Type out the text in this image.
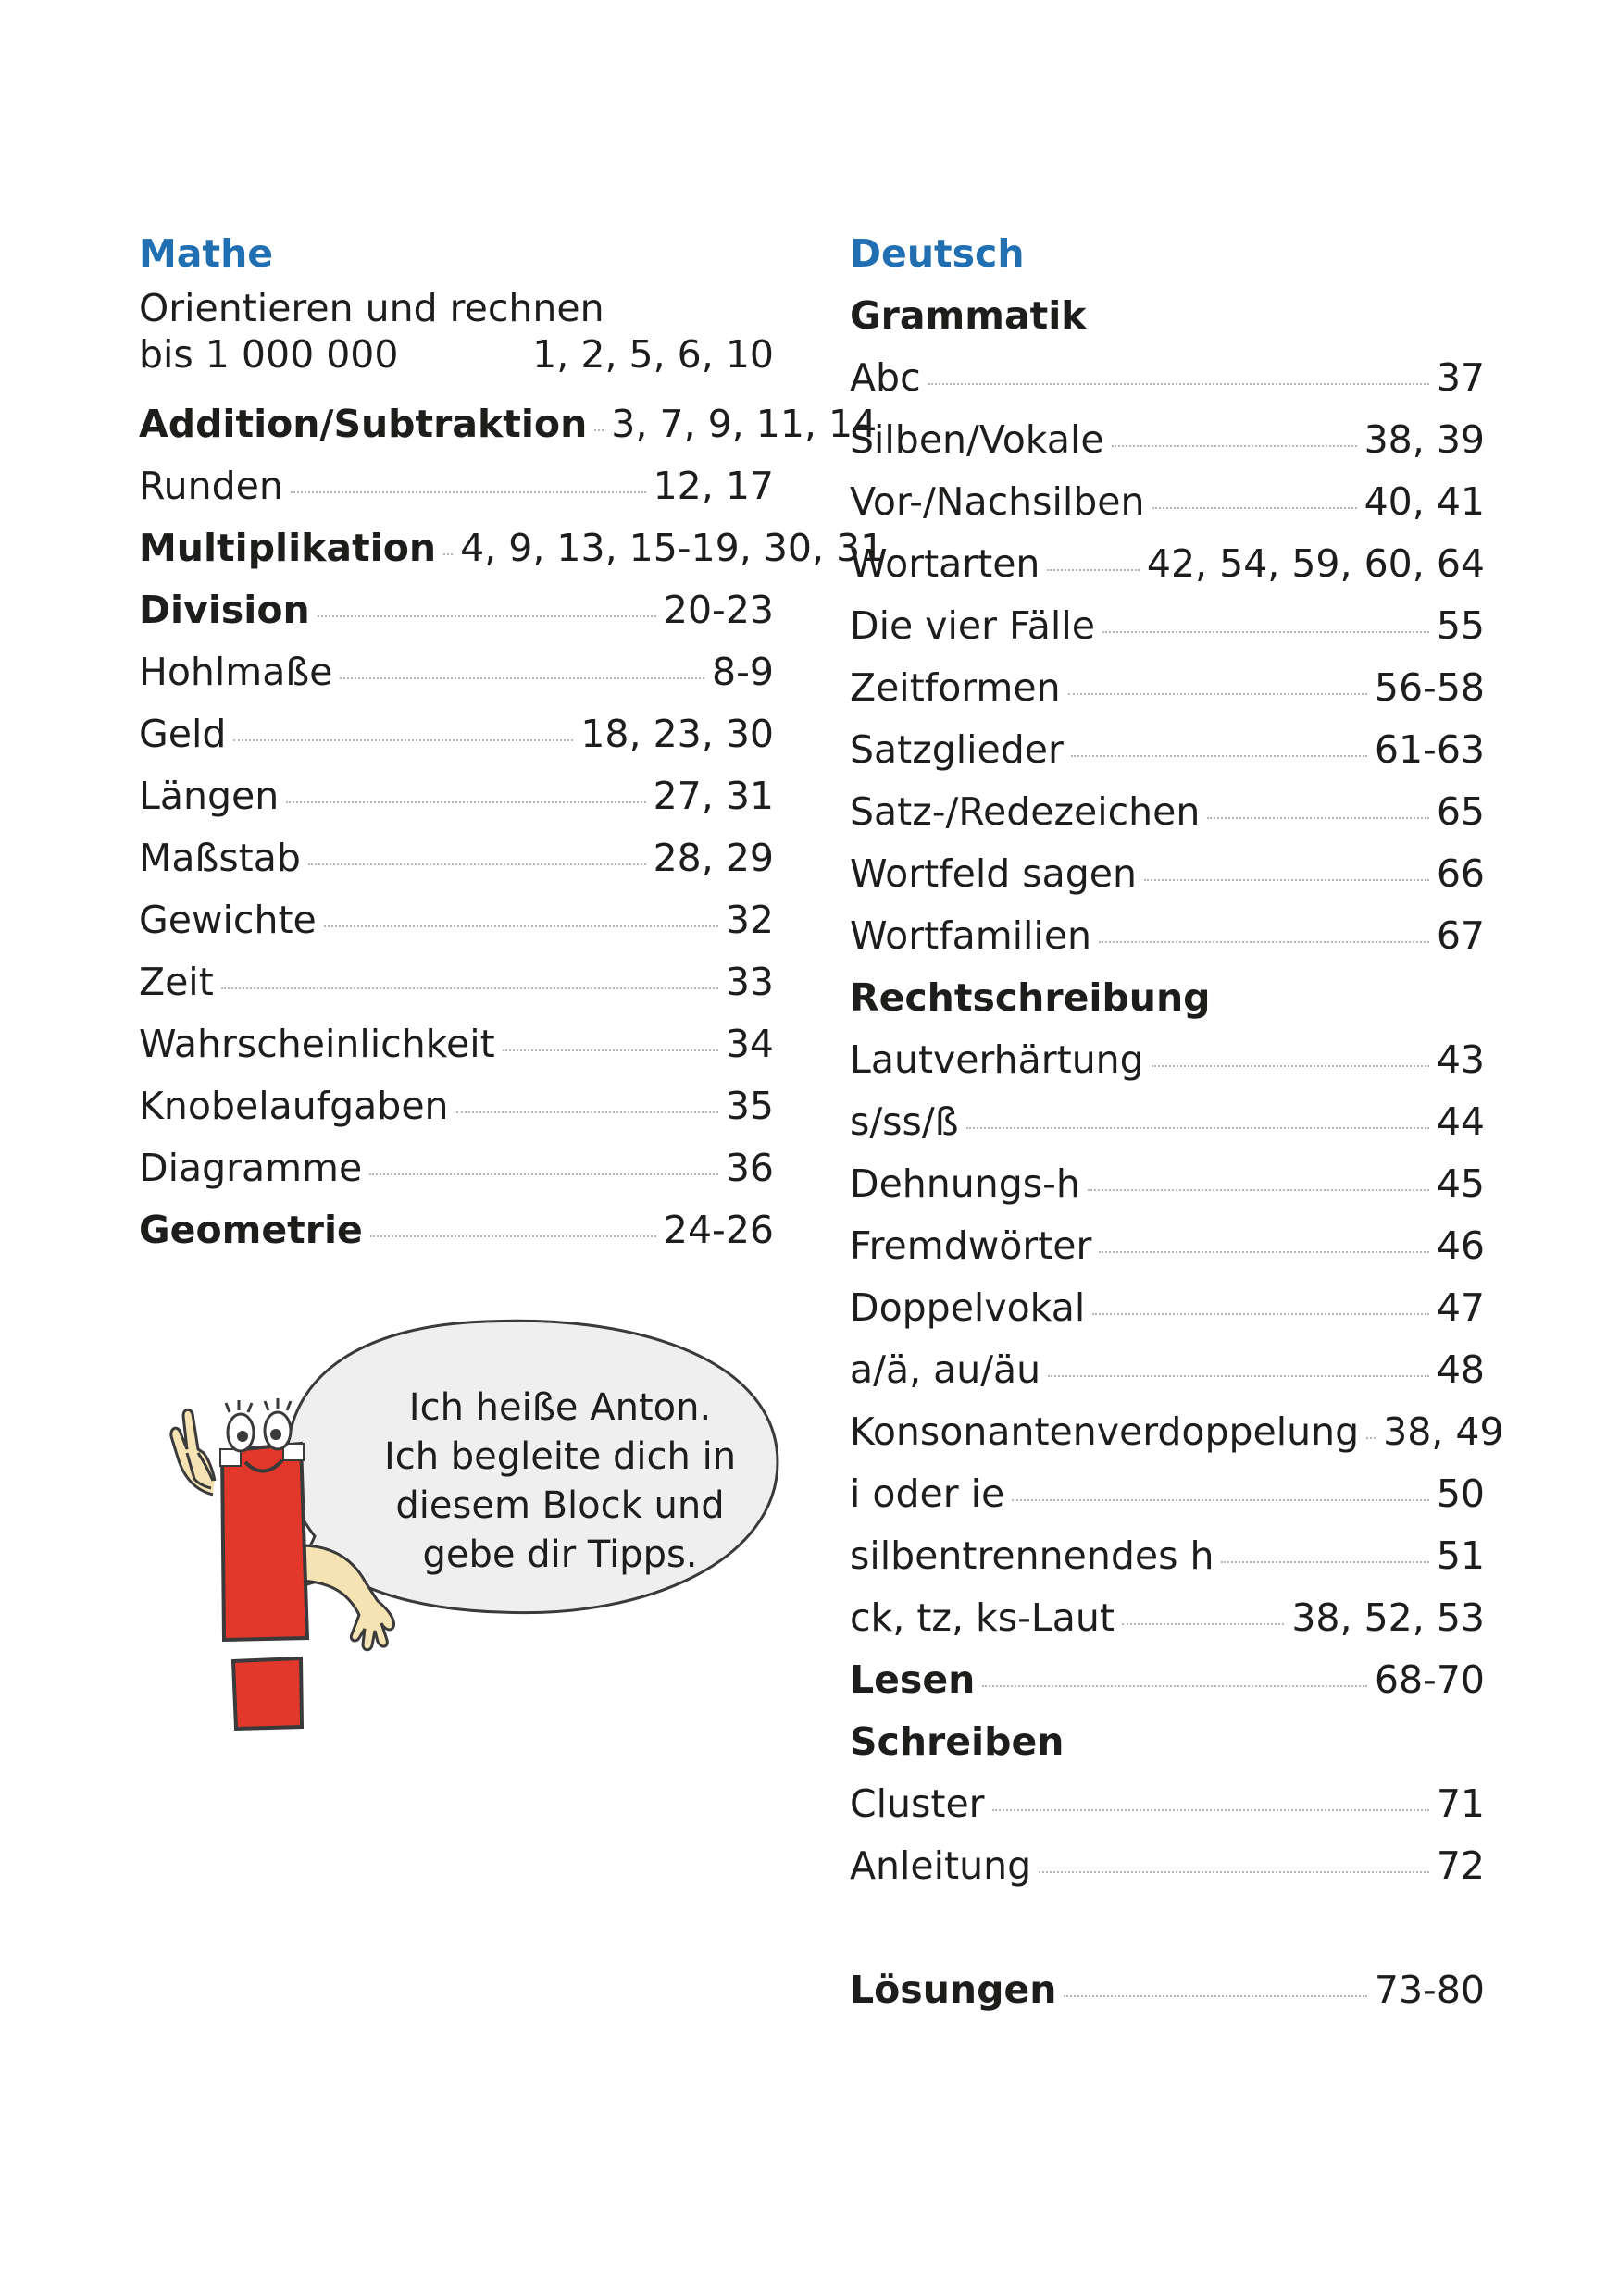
Mathe
Orientieren und rechnen
bis 1 000 000	1, 2, 5, 6, 10
Addition/Subtraktion 3, 7, 9, 11, 14
Runden	12, 17
Multiplikation 4, 9, 13, 15-19, 30, 31
Division	20-23
Hohlmaße	8-9
Geld	18, 23, 30
Längen	27, 31
Maßstab	28, 29
Gewichte	32
Zeit	33
Wahrscheinlichkeit	34
Knobelaufgaben	35
Diagramme	36
Geometrie	24-26
Deutsch
Grammatik
Abc	37
Silben/Vokale	38, 39
Vor-/Nachsilben	40, 41
Wortarten	42, 54, 59, 60, 64
Die vier Fälle	55
Zeitformen	56-58
Satzglieder	61-63
Satz-/Redezeichen	65
Wortfeld sagen	66
Wortfamilien	67
Rechtschreibung
Lautverhärtung	43
s/ss/ß	44
Dehnungs-h	45
Fremdwörter	46
Doppelvokal	47
a/ä, au/äu	48
Konsonantenverdoppelung 38, 49
i oder ie	50
silbentrennendes h	51
ck, tz, ks-Laut	38, 52, 53
Lesen	68-70
Schreiben
Cluster	71
Anleitung	72
Lösungen	73-80
Ich heiße Anton.
Ich begleite dich in
diesem Block und
gebe dir Tipps.
